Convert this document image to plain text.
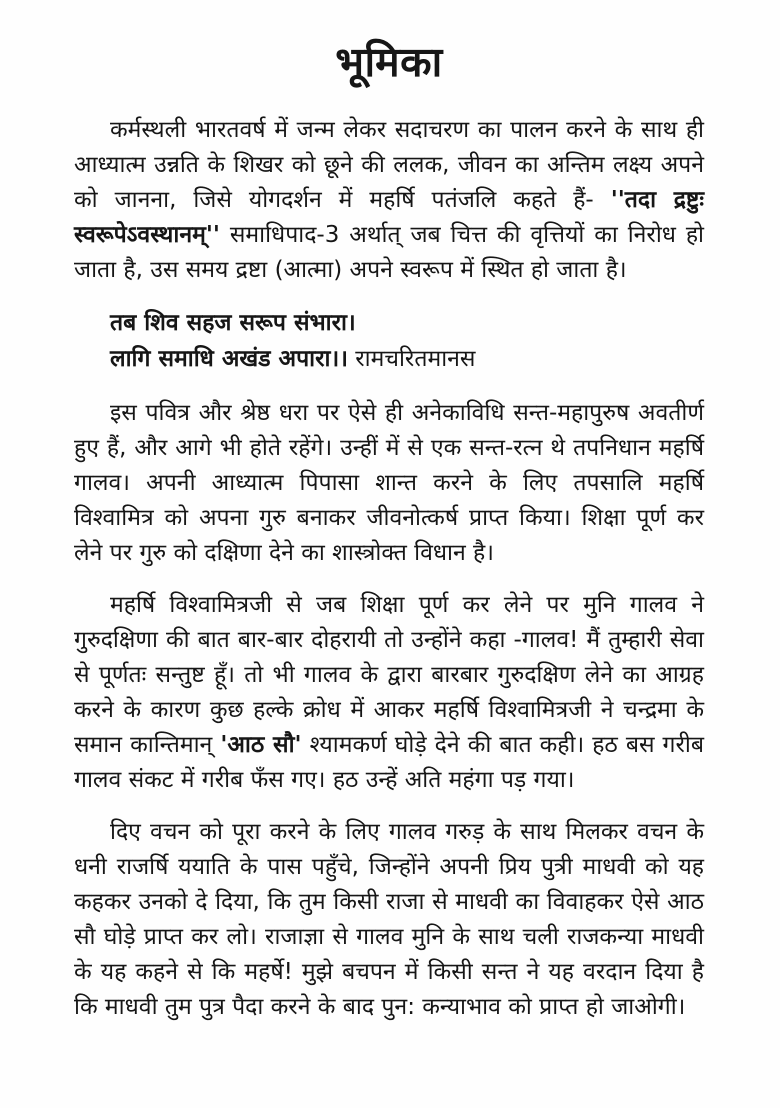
भूमिका

कर्मस्थली भारतवर्ष में जन्म लेकर सदाचरण का पालन करने के साथ ही आध्यात्म उन्नति के शिखर को छूने की ललक, जीवन का अन्तिम लक्ष्य अपने को जानना, जिसे योगदर्शन में महर्षि पतंजलि कहते हैं- ''तदा द्रष्टुः स्वरूपेऽवस्थानम्'' समाधिपाद-3 अर्थात् जब चित्त की वृत्तियों का निरोध हो जाता है, उस समय द्रष्टा (आत्मा) अपने स्वरूप में स्थित हो जाता है।

तब शिव सहज सरूप संभारा।
लागि समाधि अखंड अपारा।। रामचरितमानस

इस पवित्र और श्रेष्ठ धरा पर ऐसे ही अनेकाविधि सन्त-महापुरुष अवतीर्ण हुए हैं, और आगे भी होते रहेंगे। उन्हीं में से एक सन्त-रत्न थे तपनिधान महर्षि गालव। अपनी आध्यात्म पिपासा शान्त करने के लिए तपसालि महर्षि विश्वामित्र को अपना गुरु बनाकर जीवनोत्कर्ष प्राप्त किया। शिक्षा पूर्ण कर लेने पर गुरु को दक्षिणा देने का शास्त्रोक्त विधान है।

महर्षि विश्वामित्रजी से जब शिक्षा पूर्ण कर लेने पर मुनि गालव ने गुरुदक्षिणा की बात बार-बार दोहरायी तो उन्होंने कहा -गालव! मैं तुम्हारी सेवा से पूर्णतः सन्तुष्ट हूँ। तो भी गालव के द्वारा बारबार गुरुदक्षिण लेने का आग्रह करने के कारण कुछ हल्के क्रोध में आकर महर्षि विश्वामित्रजी ने चन्द्रमा के समान कान्तिमान् 'आठ सौ' श्यामकर्ण घोड़े देने की बात कही। हठ बस गरीब गालव संकट में गरीब फँस गए। हठ उन्हें अति महंगा पड़ गया।

दिए वचन को पूरा करने के लिए गालव गरुड़ के साथ मिलकर वचन के धनी राजर्षि ययाति के पास पहुँचे, जिन्होंने अपनी प्रिय पुत्री माधवी को यह कहकर उनको दे दिया, कि तुम किसी राजा से माधवी का विवाहकर ऐसे आठ सौ घोड़े प्राप्त कर लो। राजाज्ञा से गालव मुनि के साथ चली राजकन्या माधवी के यह कहने से कि महर्षे! मुझे बचपन में किसी सन्त ने यह वरदान दिया है कि माधवी तुम पुत्र पैदा करने के बाद पुन: कन्याभाव को प्राप्त हो जाओगी।
